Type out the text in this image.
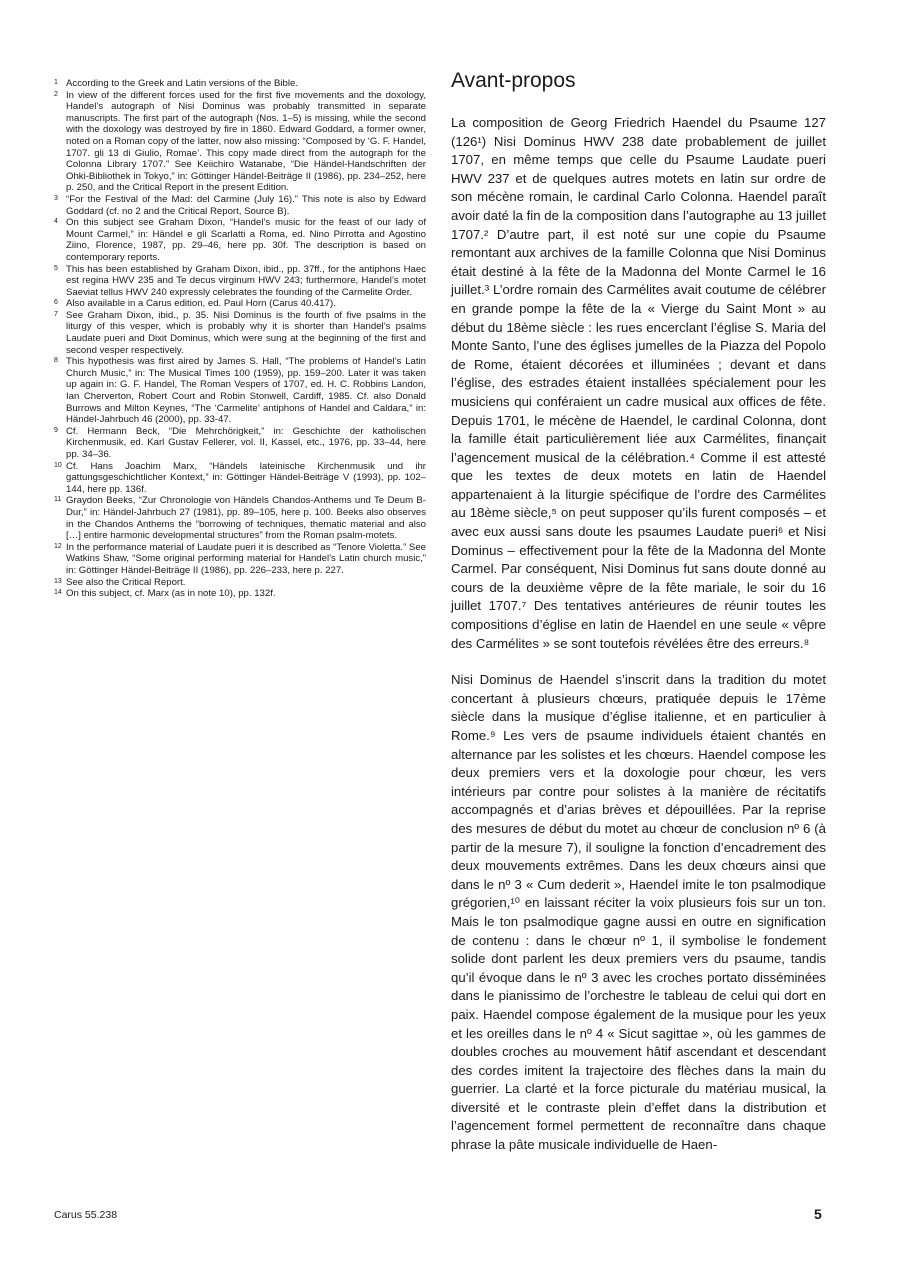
1 According to the Greek and Latin versions of the Bible.
2 In view of the different forces used for the first five movements and the doxology, Handel’s autograph of Nisi Dominus was probably transmitted in separate manuscripts. The first part of the autograph (Nos. 1–5) is missing, while the second with the doxology was destroyed by fire in 1860. Edward Goddard, a former owner, noted on a Roman copy of the latter, now also missing: “Composed by ‘G. F. Handel, 1707. gli 13 di Giulio, Romae’. This copy made direct from the autograph for the Colonna Library 1707.” See Keiichiro Watanabe, “Die Händel-Handschriften der Ohki-Bibliothek in Tokyo,” in: Göttinger Händel-Beiträge II (1986), pp. 234–252, here p. 250, and the Critical Report in the present Edition.
3 “For the Festival of the Mad: del Carmine (July 16).” This note is also by Edward Goddard (cf. no 2 and the Critical Report, Source B).
4 On this subject see Graham Dixon, “Handel’s music for the feast of our lady of Mount Carmel,” in: Händel e gli Scarlatti a Roma, ed. Nino Pirrotta and Agostino Ziino, Florence, 1987, pp. 29–46, here pp. 30f. The description is based on contemporary reports.
5 This has been established by Graham Dixon, ibid., pp. 37ff., for the antiphons Haec est regina HWV 235 and Te decus virginum HWV 243; furthermore, Handel’s motet Saeviat tellus HWV 240 expressly celebrates the founding of the Carmelite Order.
6 Also available in a Carus edition, ed. Paul Horn (Carus 40.417).
7 See Graham Dixon, ibid., p. 35. Nisi Dominus is the fourth of five psalms in the liturgy of this vesper, which is probably why it is shorter than Handel’s psalms Laudate pueri and Dixit Dominus, which were sung at the beginning of the first and second vesper respectively.
8 This hypothesis was first aired by James S. Hall, “The problems of Handel’s Latin Church Music,” in: The Musical Times 100 (1959), pp. 159–200. Later it was taken up again in: G. F. Handel, The Roman Vespers of 1707, ed. H. C. Robbins Landon, Ian Cherverton, Robert Court and Robin Stonwell, Cardiff, 1985. Cf. also Donald Burrows and Milton Keynes, “The ‘Carmelite’ antiphons of Handel and Caldara,” in: Händel-Jahrbuch 46 (2000), pp. 33-47.
9 Cf. Hermann Beck, “Die Mehrchörigkeit,” in: Geschichte der katholischen Kirchenmusik, ed. Karl Gustav Fellerer, vol. II, Kassel, etc., 1976, pp. 33–44, here pp. 34–36.
10 Cf. Hans Joachim Marx, “Händels lateinische Kirchenmusik und ihr gattungsgeschichtlicher Kontext,” in: Göttinger Händel-Beiträge V (1993), pp. 102–144, here pp. 136f.
11 Graydon Beeks, “Zur Chronologie von Händels Chandos-Anthems und Te Deum B-Dur,” in: Händel-Jahrbuch 27 (1981), pp. 89–105, here p. 100. Beeks also observes in the Chandos Anthems the “borrowing of techniques, thematic material and also […] entire harmonic developmental structures” from the Roman psalm-motets.
12 In the performance material of Laudate pueri it is described as “Tenore Violetta.” See Watkins Shaw, “Some original performing material for Handel’s Latin church music,” in: Göttinger Händel-Beiträge II (1986), pp. 226–233, here p. 227.
13 See also the Critical Report.
14 On this subject, cf. Marx (as in note 10), pp. 132f.
Avant-propos

La composition de Georg Friedrich Haendel du Psaume 127 (126¹) Nisi Dominus HWV 238 date probablement de juillet 1707, en même temps que celle du Psaume Laudate pueri HWV 237 et de quelques autres motets en latin sur ordre de son mécène romain, le cardinal Carlo Colonna. Haendel paraît avoir daté la fin de la composition dans l’autographe au 13 juillet 1707.² D’autre part, il est noté sur une copie du Psaume remontant aux archives de la famille Colonna que Nisi Dominus était destiné à la fête de la Madonna del Monte Carmel le 16 juillet.³ L’ordre romain des Carmélites avait coutume de célébrer en grande pompe la fête de la « Vierge du Saint Mont » au début du 18ème siècle : les rues encerclant l’église S. Maria del Monte Santo, l’une des églises jumelles de la Piazza del Popolo de Rome, étaient décorées et illuminées ; devant et dans l’église, des estrades étaient installées spécialement pour les musiciens qui conféraient un cadre musical aux offices de fête. Depuis 1701, le mécène de Haendel, le cardinal Colonna, dont la famille était particulièrement liée aux Carmélites, finançait l’agencement musical de la célébration.⁴ Comme il est attesté que les textes de deux motets en latin de Haendel appartenaient à la liturgie spécifique de l’ordre des Carmélites au 18ème siècle,⁵ on peut supposer qu’ils furent composés – et avec eux aussi sans doute les psaumes Laudate pueri⁶ et Nisi Dominus – effectivement pour la fête de la Madonna del Monte Carmel. Par conséquent, Nisi Dominus fut sans doute donné au cours de la deuxième vêpre de la fête mariale, le soir du 16 juillet 1707.⁷ Des tentatives antérieures de réunir toutes les compositions d’église en latin de Haendel en une seule « vêpre des Carmélites » se sont toutefois révélées être des erreurs.⁸

Nisi Dominus de Haendel s’inscrit dans la tradition du motet concertant à plusieurs chœurs, pratiquée depuis le 17ème siècle dans la musique d’église italienne, et en particulier à Rome.⁹ Les vers de psaume individuels étaient chantés en alternance par les solistes et les chœurs. Haendel compose les deux premiers vers et la doxologie pour chœur, les vers intérieurs par contre pour solistes à la manière de récitatifs accompagnés et d’arias brèves et dépouillées. Par la reprise des mesures de début du motet au chœur de conclusion nº 6 (à partir de la mesure 7), il souligne la fonction d’encadrement des deux mouvements extrêmes. Dans les deux chœurs ainsi que dans le nº 3 « Cum dederit », Haendel imite le ton psalmodique grégorien,¹⁰ en laissant réciter la voix plusieurs fois sur un ton. Mais le ton psalmodique gagne aussi en outre en signification de contenu : dans le chœur nº 1, il symbolise le fondement solide dont parlent les deux premiers vers du psaume, tandis qu’il évoque dans le nº 3 avec les croches portato disséminées dans le pianissimo de l’orchestre le tableau de celui qui dort en paix. Haendel compose également de la musique pour les yeux et les oreilles dans le nº 4 « Sicut sagittae », où les gammes de doubles croches au mouvement hâtif ascendant et descendant des cordes imitent la trajectoire des flèches dans la main du guerrier. La clarté et la force picturale du matériau musical, la diversité et le contraste plein d’effet dans la distribution et l’agencement formel permettent de reconnaître dans chaque phrase la pâte musicale individuelle de Haen-

Carus 55.238	5
